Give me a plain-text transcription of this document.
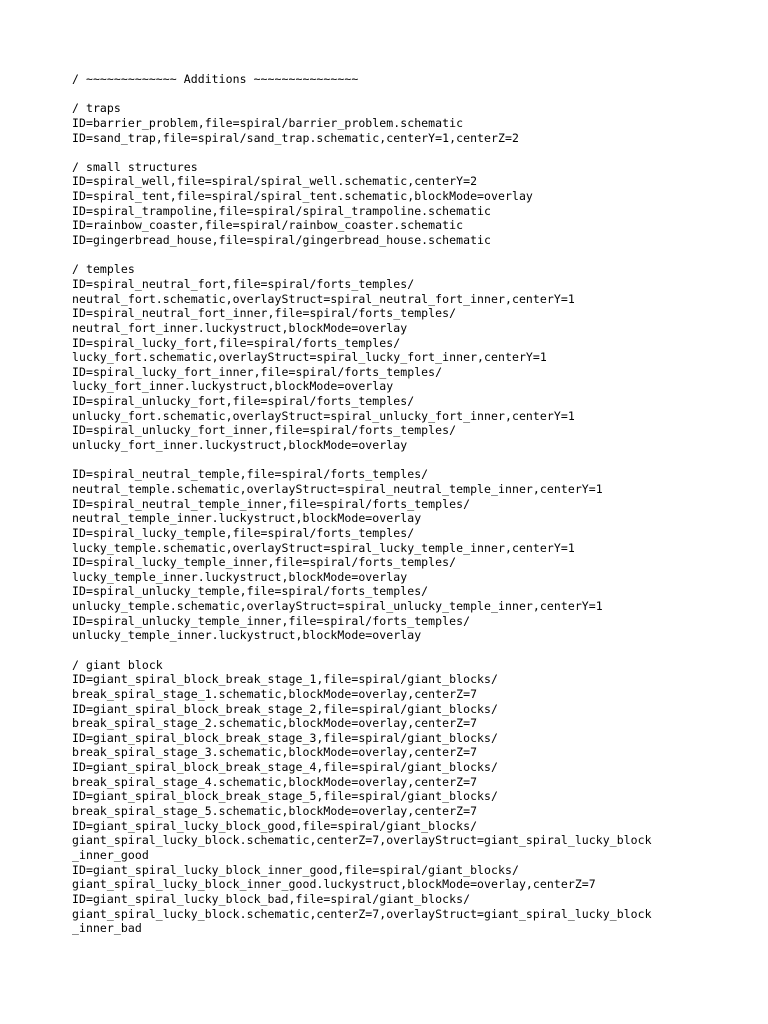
/ ~~~~~~~~~~~~~ Additions ~~~~~~~~~~~~~~~
/ traps
ID=barrier_problem,file=spiral/barrier_problem.schematic
ID=sand_trap,file=spiral/sand_trap.schematic,centerY=1,centerZ=2
/ small structures
ID=spiral_well,file=spiral/spiral_well.schematic,centerY=2
ID=spiral_tent,file=spiral/spiral_tent.schematic,blockMode=overlay
ID=spiral_trampoline,file=spiral/spiral_trampoline.schematic
ID=rainbow_coaster,file=spiral/rainbow_coaster.schematic
ID=gingerbread_house,file=spiral/gingerbread_house.schematic
/ temples
ID=spiral_neutral_fort,file=spiral/forts_temples/
neutral_fort.schematic,overlayStruct=spiral_neutral_fort_inner,centerY=1
ID=spiral_neutral_fort_inner,file=spiral/forts_temples/
neutral_fort_inner.luckystruct,blockMode=overlay
ID=spiral_lucky_fort,file=spiral/forts_temples/
lucky_fort.schematic,overlayStruct=spiral_lucky_fort_inner,centerY=1
ID=spiral_lucky_fort_inner,file=spiral/forts_temples/
lucky_fort_inner.luckystruct,blockMode=overlay
ID=spiral_unlucky_fort,file=spiral/forts_temples/
unlucky_fort.schematic,overlayStruct=spiral_unlucky_fort_inner,centerY=1
ID=spiral_unlucky_fort_inner,file=spiral/forts_temples/
unlucky_fort_inner.luckystruct,blockMode=overlay
ID=spiral_neutral_temple,file=spiral/forts_temples/
neutral_temple.schematic,overlayStruct=spiral_neutral_temple_inner,centerY=1
ID=spiral_neutral_temple_inner,file=spiral/forts_temples/
neutral_temple_inner.luckystruct,blockMode=overlay
ID=spiral_lucky_temple,file=spiral/forts_temples/
lucky_temple.schematic,overlayStruct=spiral_lucky_temple_inner,centerY=1
ID=spiral_lucky_temple_inner,file=spiral/forts_temples/
lucky_temple_inner.luckystruct,blockMode=overlay
ID=spiral_unlucky_temple,file=spiral/forts_temples/
unlucky_temple.schematic,overlayStruct=spiral_unlucky_temple_inner,centerY=1
ID=spiral_unlucky_temple_inner,file=spiral/forts_temples/
unlucky_temple_inner.luckystruct,blockMode=overlay
/ giant block
ID=giant_spiral_block_break_stage_1,file=spiral/giant_blocks/
break_spiral_stage_1.schematic,blockMode=overlay,centerZ=7
ID=giant_spiral_block_break_stage_2,file=spiral/giant_blocks/
break_spiral_stage_2.schematic,blockMode=overlay,centerZ=7
ID=giant_spiral_block_break_stage_3,file=spiral/giant_blocks/
break_spiral_stage_3.schematic,blockMode=overlay,centerZ=7
ID=giant_spiral_block_break_stage_4,file=spiral/giant_blocks/
break_spiral_stage_4.schematic,blockMode=overlay,centerZ=7
ID=giant_spiral_block_break_stage_5,file=spiral/giant_blocks/
break_spiral_stage_5.schematic,blockMode=overlay,centerZ=7
ID=giant_spiral_lucky_block_good,file=spiral/giant_blocks/
giant_spiral_lucky_block.schematic,centerZ=7,overlayStruct=giant_spiral_lucky_block
_inner_good
ID=giant_spiral_lucky_block_inner_good,file=spiral/giant_blocks/
giant_spiral_lucky_block_inner_good.luckystruct,blockMode=overlay,centerZ=7
ID=giant_spiral_lucky_block_bad,file=spiral/giant_blocks/
giant_spiral_lucky_block.schematic,centerZ=7,overlayStruct=giant_spiral_lucky_block
_inner_bad
